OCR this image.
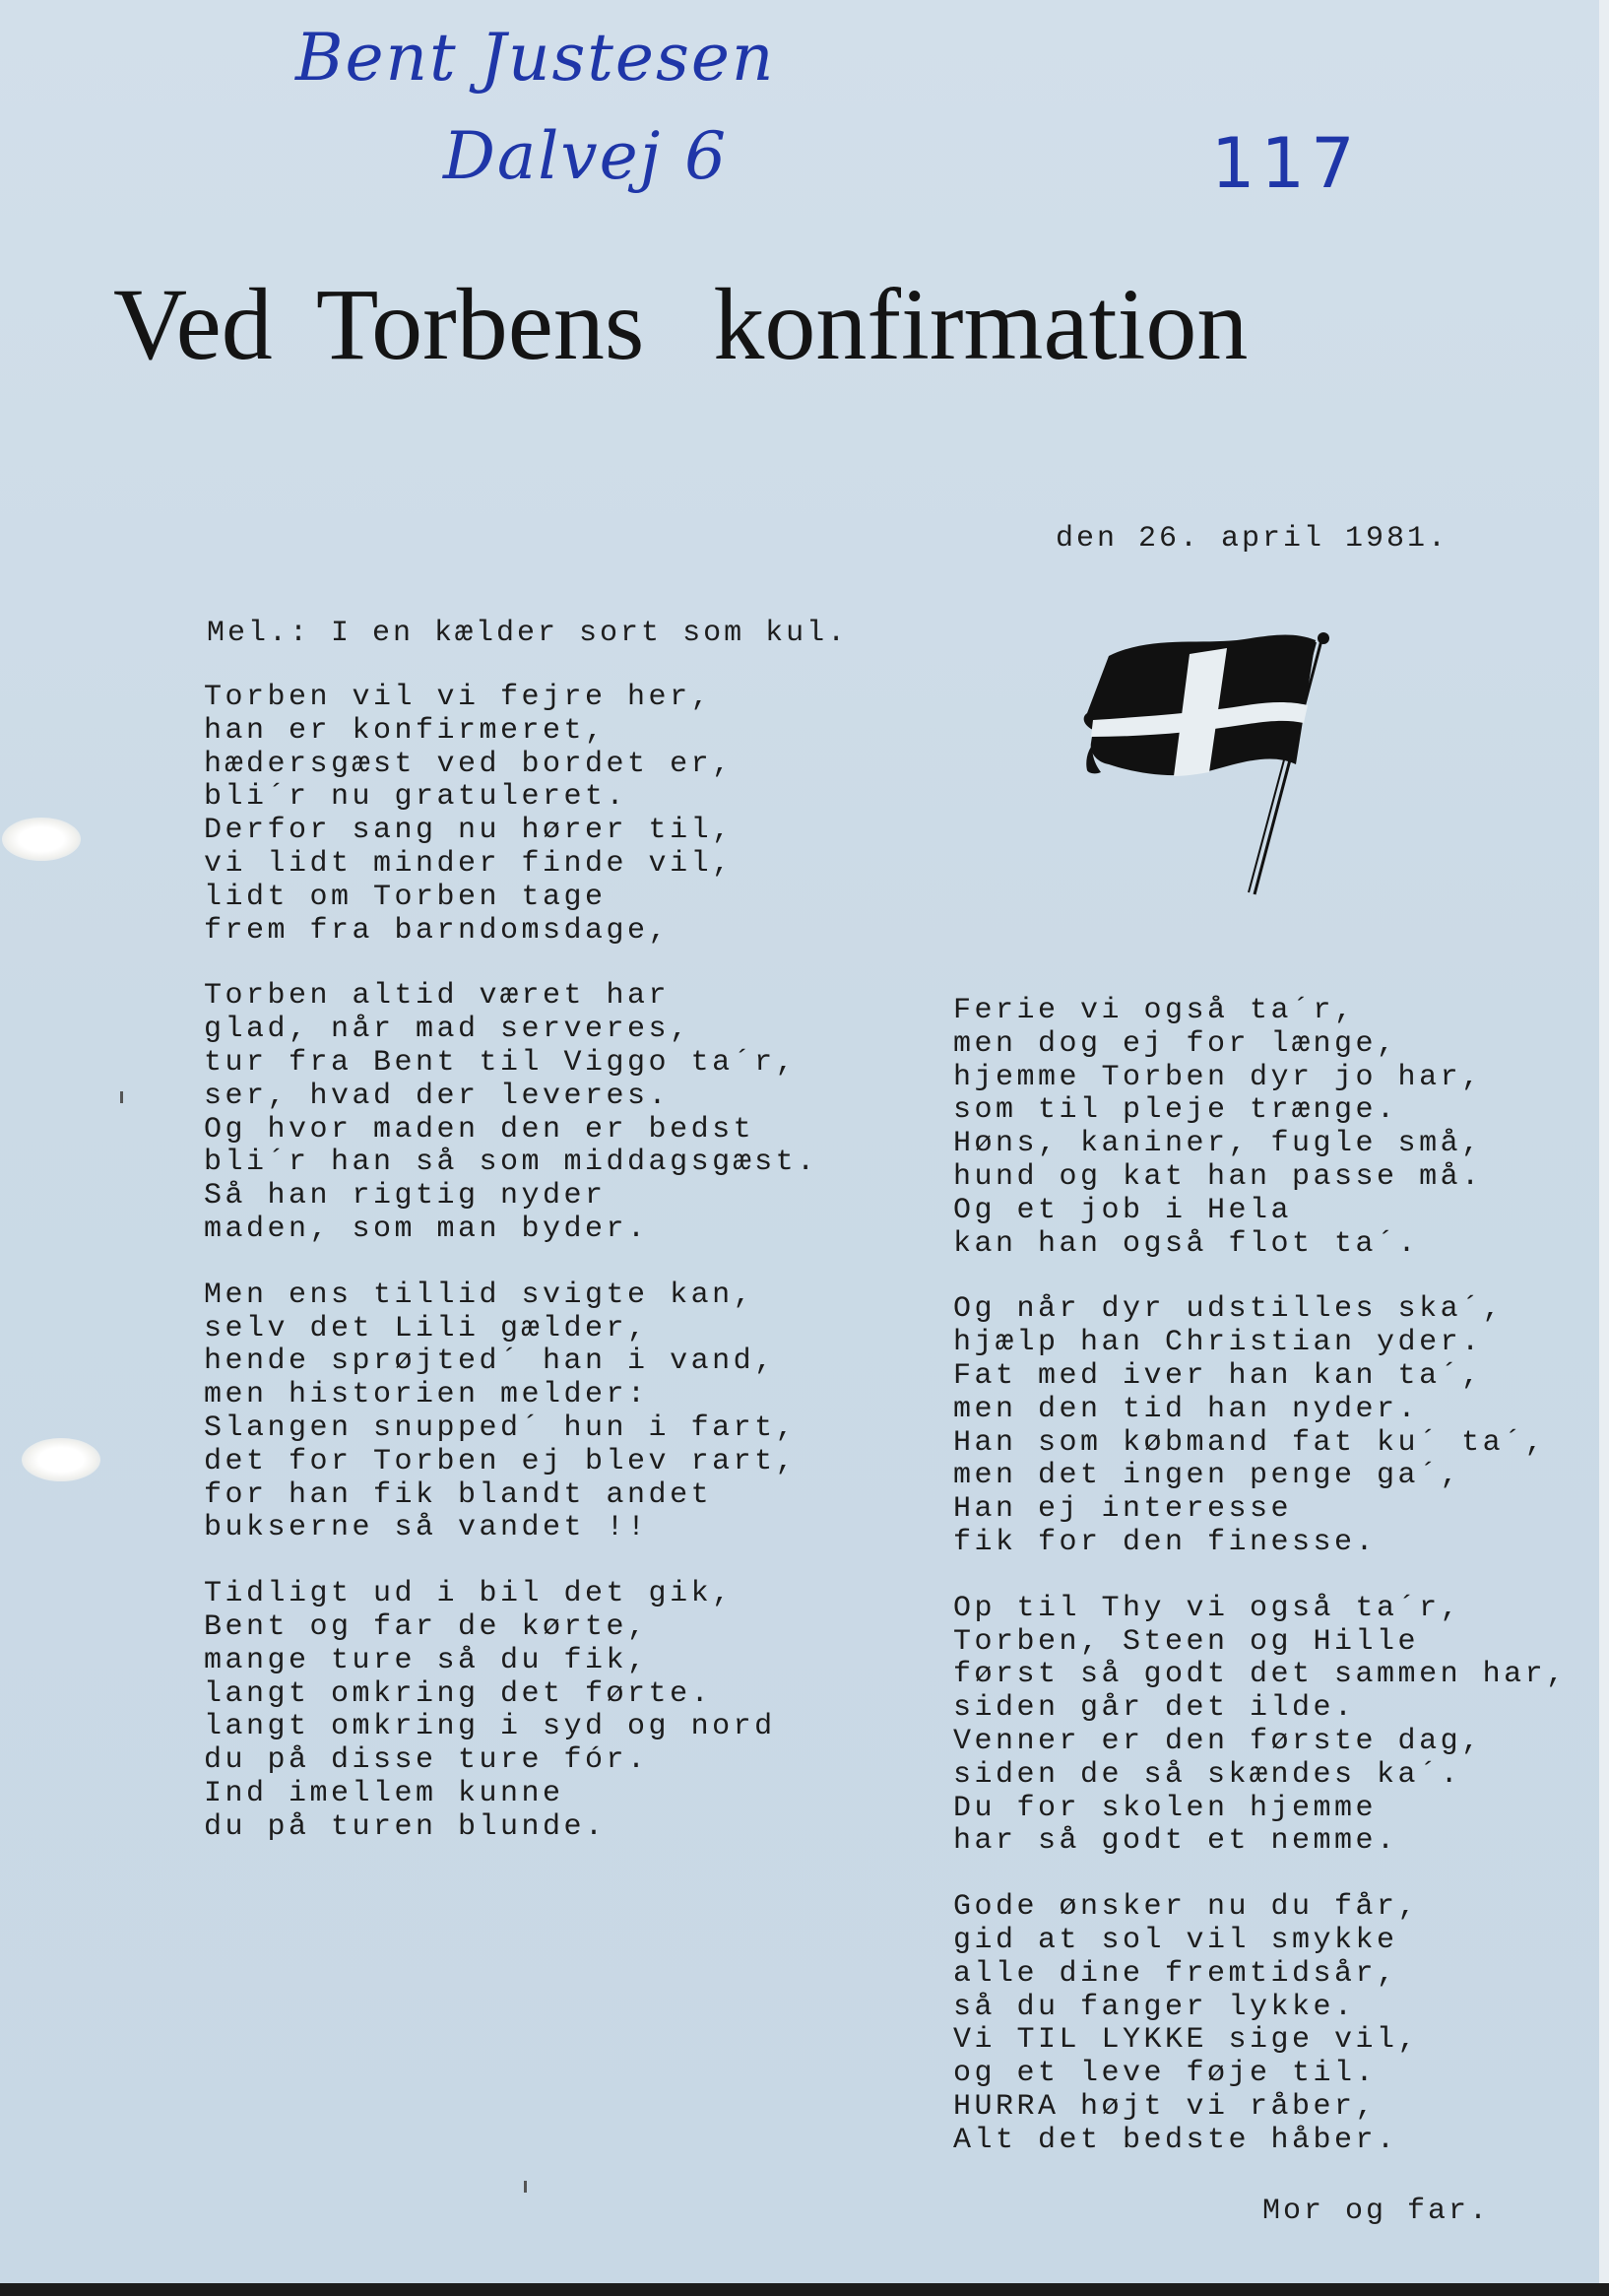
Bent Justesen

Dalvej 6	117

Ved Torbens konfirmation

den 26. april 1981.

Mel.: I en kælder sort som kul.

Torben vil vi fejre her,
han er konfirmeret,
hædersgæst ved bordet er,
bli´r nu gratuleret.
Derfor sang nu hører til,
vi lidt minder finde vil,
lidt om Torben tage
frem fra barndomsdage,
Torben altid været har
glad, når mad serveres,
tur fra Bent til Viggo ta´r,
ser, hvad der leveres.
Og hvor maden den er bedst
bli´r han så som middagsgæst.
Så han rigtig nyder
maden, som man byder.
Men ens tillid svigte kan,
selv det Lili gælder,
hende sprøjted´ han i vand,
men historien melder:
Slangen snupped´ hun i fart,
det for Torben ej blev rart,
for han fik blandt andet
bukserne så vandet !!
Tidligt ud i bil det gik,
Bent og far de kørte,
mange ture så du fik,
langt omkring det førte.
langt omkring i syd og nord
du på disse ture fór.
Ind imellem kunne
du på turen blunde.
Ferie vi også ta´r,
men dog ej for længe,
hjemme Torben dyr jo har,
som til pleje trænge.
Høns, kaniner, fugle små,
hund og kat han passe må.
Og et job i Hela
kan han også flot ta´.
Og når dyr udstilles ska´,
hjælp han Christian yder.
Fat med iver han kan ta´,
men den tid han nyder.
Han som købmand fat ku´ ta´,
men det ingen penge ga´,
Han ej interesse
fik for den finesse.
Op til Thy vi også ta´r,
Torben, Steen og Hille
først så godt det sammen har,
siden går det ilde.
Venner er den første dag,
siden de så skændes ka´.
Du for skolen hjemme
har så godt et nemme.
Gode ønsker nu du får,
gid at sol vil smykke
alle dine fremtidsår,
så du fanger lykke.
Vi TIL LYKKE sige vil,
og et leve føje til.
HURRA højt vi råber,
Alt det bedste håber.

Mor og far.
